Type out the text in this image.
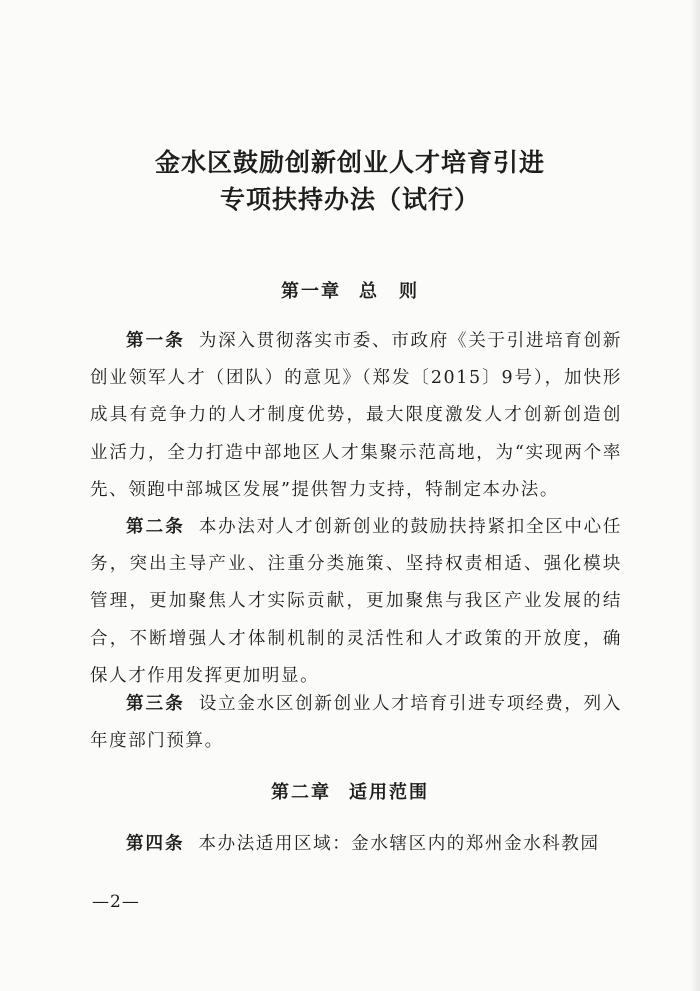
金水区鼓励创新创业人才培育引进
专项扶持办法（试行）
第一章 总　则
第一条 为深入贯彻落实市委、市政府《关于引进培育创新创业领军人才（团队）的意见》（郑发〔2015〕9号），加快形成具有竞争力的人才制度优势，最大限度激发人才创新创造创业活力，全力打造中部地区人才集聚示范高地，为“实现两个率先、领跑中部城区发展”提供智力支持，特制定本办法。
第二条 本办法对人才创新创业的鼓励扶持紧扣全区中心任务，突出主导产业、注重分类施策、坚持权责相适、强化模块管理，更加聚焦人才实际贡献，更加聚焦与我区产业发展的结合，不断增强人才体制机制的灵活性和人才政策的开放度，确保人才作用发挥更加明显。
第三条 设立金水区创新创业人才培育引进专项经费，列入年度部门预算。
第二章 适用范围
第四条 本办法适用区域：金水辖区内的郑州金水科教园
—2—
